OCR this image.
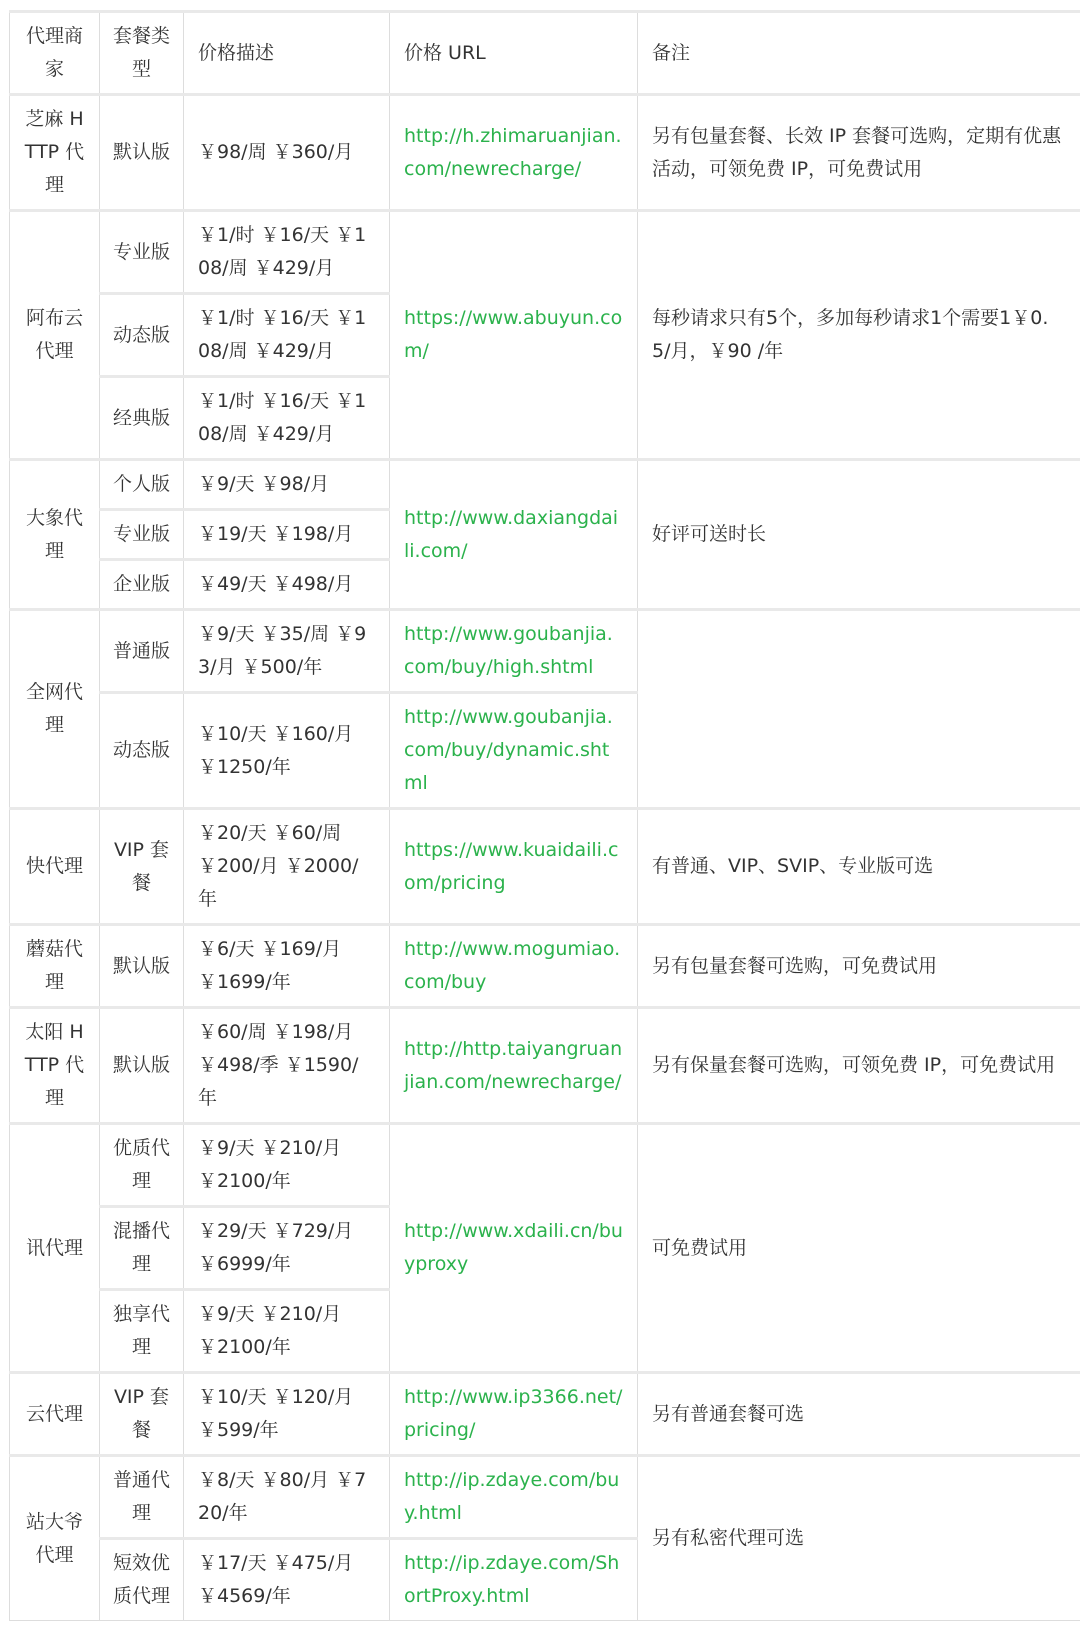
代理商家	套餐类型	价格描述	价格 URL	备注
芝麻 HTTP 代理	默认版	￥98/周 ￥360/月	http://h.zhimaruanjian.com/newrecharge/	另有包量套餐、长效 IP 套餐可选购，定期有优惠活动，可领免费 IP，可免费试用
阿布云代理	专业版	￥1/时 ￥16/天 ￥108/周 ￥429/月	https://www.abuyun.com/	每秒请求只有5个，多加每秒请求1个需要1￥0.5/月，￥90 /年
	动态版	￥1/时 ￥16/天 ￥108/周 ￥429/月		
	经典版	￥1/时 ￥16/天 ￥108/周 ￥429/月		
大象代理	个人版	￥9/天 ￥98/月	http://www.daxiangdaili.com/	好评可送时长
	专业版	￥19/天 ￥198/月		
	企业版	￥49/天 ￥498/月		
全网代理	普通版	￥9/天 ￥35/周 ￥93/月 ￥500/年	http://www.goubanjia.com/buy/high.shtml	
	动态版	￥10/天 ￥160/月 ￥1250/年	http://www.goubanjia.com/buy/dynamic.shtml	
快代理	VIP 套餐	￥20/天 ￥60/周 ￥200/月 ￥2000/年	https://www.kuaidaili.com/pricing	有普通、VIP、SVIP、专业版可选
蘑菇代理	默认版	￥6/天 ￥169/月 ￥1699/年	http://www.mogumiao.com/buy	另有包量套餐可选购，可免费试用
太阳 HTTP 代理	默认版	￥60/周 ￥198/月 ￥498/季 ￥1590/年	http://http.taiyangruanjian.com/newrecharge/	另有保量套餐可选购，可领免费 IP，可免费试用
讯代理	优质代理	￥9/天 ￥210/月 ￥2100/年	http://www.xdaili.cn/buyproxy	可免费试用
	混播代理	￥29/天 ￥729/月 ￥6999/年		
	独享代理	￥9/天 ￥210/月 ￥2100/年		
云代理	VIP 套餐	￥10/天 ￥120/月 ￥599/年	http://www.ip3366.net/pricing/	另有普通套餐可选
站大爷代理	普通代理	￥8/天 ￥80/月 ￥720/年	http://ip.zdaye.com/buy.html	另有私密代理可选
	短效优质代理	￥17/天 ￥475/月 ￥4569/年	http://ip.zdaye.com/ShortProxy.html	
